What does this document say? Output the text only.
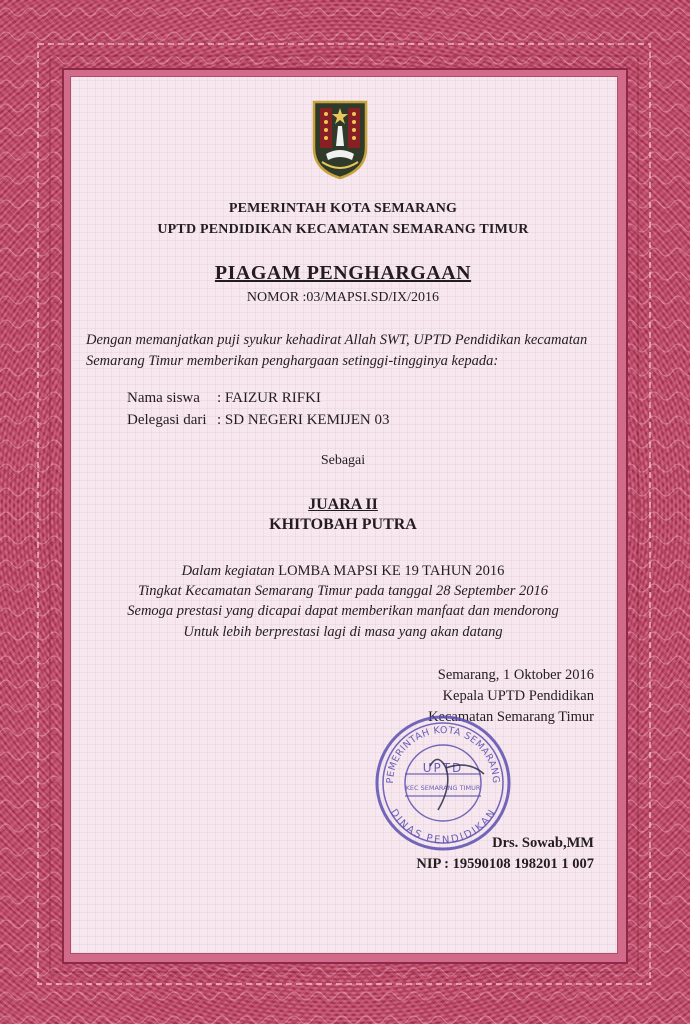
PEMERINTAH KOTA SEMARANG
UPTD PENDIDIKAN KECAMATAN SEMARANG TIMUR
PIAGAM PENGHARGAAN
NOMOR :03/MAPSI.SD/IX/2016
Dengan memanjatkan puji syukur kehadirat Allah SWT, UPTD Pendidikan kecamatan Semarang Timur memberikan penghargaan setinggi-tingginya kepada:
Nama siswa : FAIZUR RIFKI
Delegasi dari : SD NEGERI KEMIJEN 03
Sebagai
JUARA II
KHITOBAH PUTRA
Dalam kegiatan LOMBA MAPSI KE 19 TAHUN 2016
Tingkat Kecamatan Semarang Timur pada tanggal 28 September 2016
Semoga prestasi yang dicapai dapat memberikan manfaat dan mendorong
Untuk lebih berprestasi lagi di masa yang akan datang
Semarang, 1 Oktober 2016
Kepala UPTD Pendidikan
Kecamatan Semarang Timur
PEMERINTAH KOTA SEMARANG
DINAS PENDIDIKAN
UPTD
KEC SEMARANG TIMUR
Drs. Sowab,MM
NIP : 19590108 198201 1 007
